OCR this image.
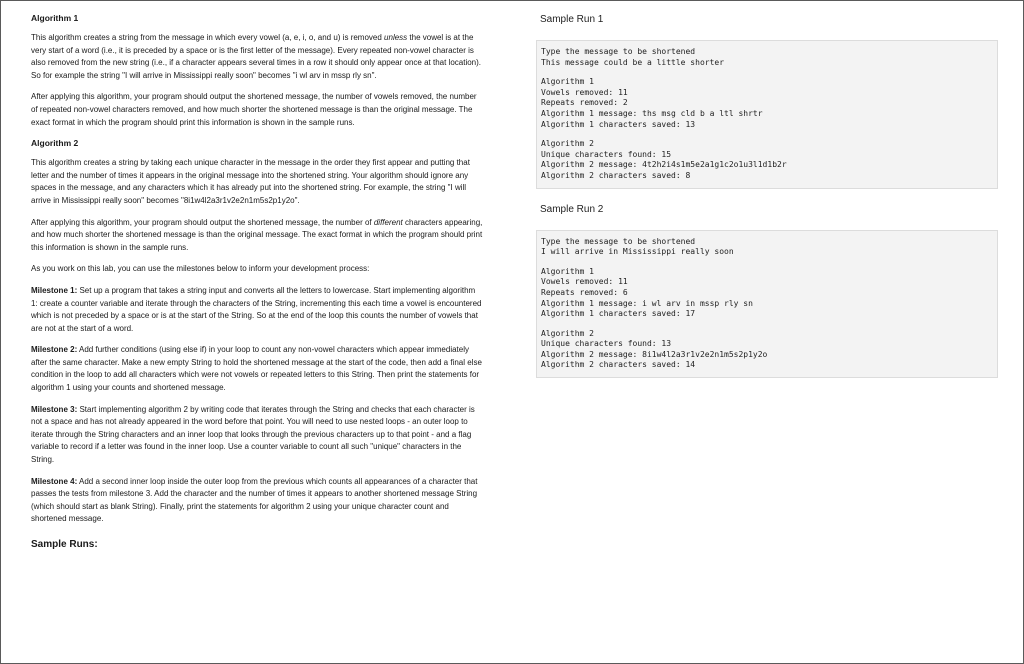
Algorithm 1

This algorithm creates a string from the message in which every vowel (a, e, i, o, and u) is removed unless the vowel is at the very start of a word (i.e., it is preceded by a space or is the first letter of the message). Every repeated non-vowel character is also removed from the new string (i.e., if a character appears several times in a row it should only appear once at that location). So for example the string "I will arrive in Mississippi really soon" becomes "i wl arv in mssp rly sn".

After applying this algorithm, your program should output the shortened message, the number of vowels removed, the number of repeated non-vowel characters removed, and how much shorter the shortened message is than the original message. The exact format in which the program should print this information is shown in the sample runs.

Algorithm 2

This algorithm creates a string by taking each unique character in the message in the order they first appear and putting that letter and the number of times it appears in the original message into the shortened string. Your algorithm should ignore any spaces in the message, and any characters which it has already put into the shortened string. For example, the string "I will arrive in Mississippi really soon" becomes "8i1w4l2a3r1v2e2n1m5s2p1y2o".

After applying this algorithm, your program should output the shortened message, the number of different characters appearing, and how much shorter the shortened message is than the original message. The exact format in which the program should print this information is shown in the sample runs.

As you work on this lab, you can use the milestones below to inform your development process:

Milestone 1: Set up a program that takes a string input and converts all the letters to lowercase. Start implementing algorithm 1: create a counter variable and iterate through the characters of the String, incrementing this each time a vowel is encountered which is not preceded by a space or is at the start of the String. So at the end of the loop this counts the number of vowels that are not at the start of a word.

Milestone 2: Add further conditions (using else if) in your loop to count any non-vowel characters which appear immediately after the same character. Make a new empty String to hold the shortened message at the start of the code, then add a final else condition in the loop to add all characters which were not vowels or repeated letters to this String. Then print the statements for algorithm 1 using your counts and shortened message.

Milestone 3: Start implementing algorithm 2 by writing code that iterates through the String and checks that each character is not a space and has not already appeared in the word before that point. You will need to use nested loops - an outer loop to iterate through the String characters and an inner loop that looks through the previous characters up to that point - and a flag variable to record if a letter was found in the inner loop. Use a counter variable to count all such "unique" characters in the String.

Milestone 4: Add a second inner loop inside the outer loop from the previous which counts all appearances of a character that passes the tests from milestone 3. Add the character and the number of times it appears to another shortened message String (which should start as blank String). Finally, print the statements for algorithm 2 using your unique character count and shortened message.

Sample Runs:
Sample Run 1
Type the message to be shortened
This message could be a little shorter
Algorithm 1
Vowels removed: 11
Repeats removed: 2
Algorithm 1 message: ths msg cld b a ltl shrtr
Algorithm 1 characters saved: 13
Algorithm 2
Unique characters found: 15
Algorithm 2 message: 4t2h2i4s1m5e2a1g1c2o1u3l1d1b2r
Algorithm 2 characters saved: 8
Sample Run 2
Type the message to be shortened
I will arrive in Mississippi really soon
Algorithm 1
Vowels removed: 11
Repeats removed: 6
Algorithm 1 message: i wl arv in mssp rly sn
Algorithm 1 characters saved: 17
Algorithm 2
Unique characters found: 13
Algorithm 2 message: 8i1w4l2a3r1v2e2n1m5s2p1y2o
Algorithm 2 characters saved: 14
